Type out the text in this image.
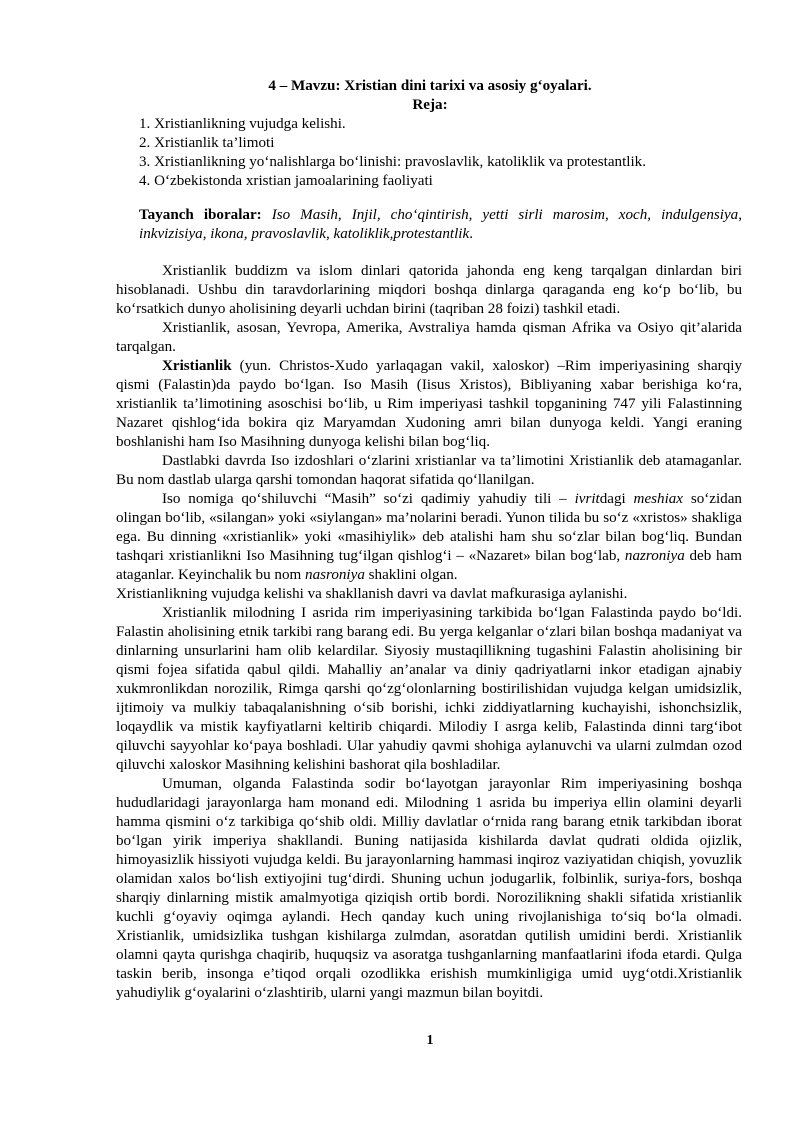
4 – Mavzu: Xristian dini tarixi va asosiy g‘oyalari.
Reja:
1. Xristianlikning vujudga kelishi.
2. Xristianlik ta’limoti
3. Xristianlikning yo‘nalishlarga bo‘linishi: pravoslavlik, katoliklik va protestantlik.
4. O‘zbekistonda xristian jamoalarining faoliyati
Tayanch iboralar: Iso Masih, Injil, cho‘qintirish, yetti sirli marosim, xoch, indulgensiya, inkvizisiya, ikona, pravoslavlik, katoliklik,protestantlik.

Xristianlik buddizm va islom dinlari qatorida jahonda eng keng tarqalgan dinlardan biri hisoblanadi. Ushbu din taravdorlarining miqdori boshqa dinlarga qaraganda eng ko‘p bo‘lib, bu ko‘rsatkich dunyo aholisining deyarli uchdan birini (taqriban 28 foizi) tashkil etadi.

Xristianlik, asosan, Yevropa, Amerika, Avstraliya hamda qisman Afrika va Osiyo qit’alarida tarqalgan.

Xristianlik (yun. Christos-Xudo yarlaqagan vakil, xaloskor) –Rim imperiyasining sharqiy qismi (Falastin)da paydo bo‘lgan. Iso Masih (Iisus Xristos), Bibliyaning xabar berishiga ko‘ra, xristianlik ta’limotining asoschisi bo‘lib, u Rim imperiyasi tashkil topganining 747 yili Falastinning Nazaret qishlog‘ida bokira qiz Maryamdan Xudoning amri bilan dunyoga keldi. Yangi eraning boshlanishi ham Iso Masihning dunyoga kelishi bilan bog‘liq.

Dastlabki davrda Iso izdoshlari o‘zlarini xristianlar va ta’limotini Xristianlik deb atamaganlar. Bu nom dastlab ularga qarshi tomondan haqorat sifatida qo‘llanilgan.

Iso nomiga qo‘shiluvchi “Masih” so‘zi qadimiy yahudiy tili – ivritdagi meshiax so‘zidan olingan bo‘lib, «silangan» yoki «siylangan» ma’nolarini beradi. Yunon tilida bu so‘z «xristos» shakliga ega. Bu dinning «xristianlik» yoki «masihiylik» deb atalishi ham shu so‘zlar bilan bog‘liq. Bundan tashqari xristianlikni Iso Masihning tug‘ilgan qishlog‘i – «Nazaret» bilan bog‘lab, nazroniya deb ham ataganlar. Keyinchalik bu nom nasroniya shaklini olgan.

Xristianlikning vujudga kelishi va shakllanish davri va davlat mafkurasiga aylanishi.

Xristianlik milodning I asrida rim imperiyasining tarkibida bo‘lgan Falastinda paydo bo‘ldi. Falastin aholisining etnik tarkibi rang barang edi. Bu yerga kelganlar o‘zlari bilan boshqa madaniyat va dinlarning unsurlarini ham olib kelardilar. Siyosiy mustaqillikning tugashini Falastin aholisining bir qismi fojea sifatida qabul qildi. Mahalliy an’analar va diniy qadriyatlarni inkor etadigan ajnabiy xukmronlikdan norozilik, Rimga qarshi qo‘zg‘olonlarning bostirilishidan vujudga kelgan umidsizlik, ijtimoiy va mulkiy tabaqalanishning o‘sib borishi, ichki ziddiyatlarning kuchayishi, ishonchsizlik, loqaydlik va mistik kayfiyatlarni keltirib chiqardi. Milodiy I asrga kelib, Falastinda dinni targ‘ibot qiluvchi sayyohlar ko‘paya boshladi. Ular yahudiy qavmi shohiga aylanuvchi va ularni zulmdan ozod qiluvchi xaloskor Masihning kelishini bashorat qila boshladilar.

Umuman, olganda Falastinda sodir bo‘layotgan jarayonlar Rim imperiyasining boshqa hududlaridagi jarayonlarga ham monand edi. Milodning 1 asrida bu imperiya ellin olamini deyarli hamma qismini o‘z tarkibiga qo‘shib oldi. Milliy davlatlar o‘rnida rang barang etnik tarkibdan iborat bo‘lgan yirik imperiya shakllandi. Buning natijasida kishilarda davlat qudrati oldida ojizlik, himoyasizlik hissiyoti vujudga keldi. Bu jarayonlarning hammasi inqiroz vaziyatidan chiqish, yovuzlik olamidan xalos bo‘lish extiyojini tug‘dirdi. Shuning uchun jodugarlik, folbinlik, suriya-fors, boshqa sharqiy dinlarning mistik amalmyotiga qiziqish ortib bordi. Norozilikning shakli sifatida xristianlik kuchli g‘oyaviy oqimga aylandi. Hech qanday kuch uning rivojlanishiga to‘siq bo‘la olmadi. Xristianlik, umidsizlika tushgan kishilarga zulmdan, asoratdan qutilish umidini berdi. Xristianlik olamni qayta qurishga chaqirib, huquqsiz va asoratga tushganlarning manfaatlarini ifoda etardi. Qulga taskin berib, insonga e’tiqod orqali ozodlikka erishish mumkinligiga umid uyg‘otdi.Xristianlik yahudiylik g‘oyalarini o‘zlashtirib, ularni yangi mazmun bilan boyitdi.

1
